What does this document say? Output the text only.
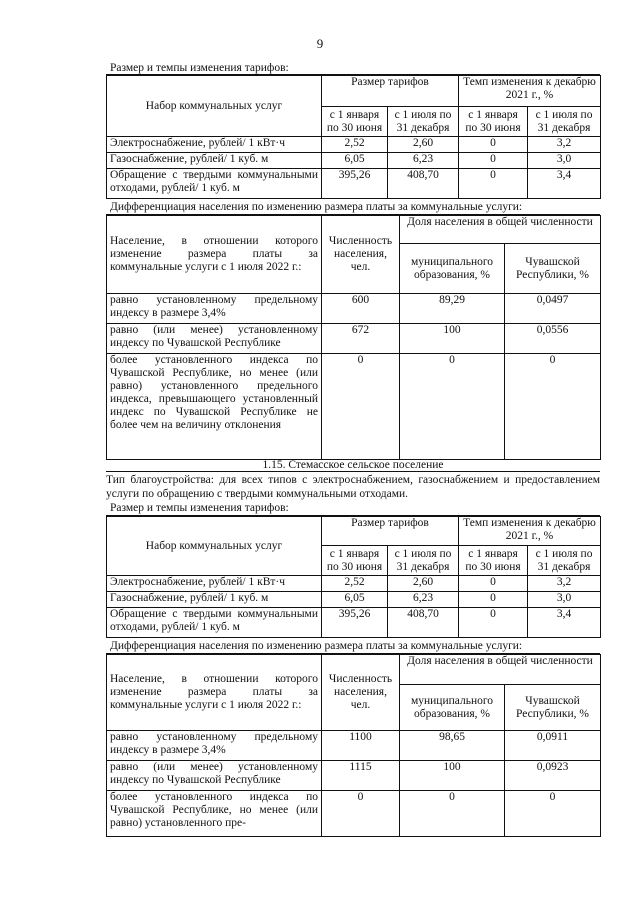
9
Размер и темпы изменения тарифов:
Набор коммунальных услуг	Размер тарифов		Темп изменения к декабрю 2021 г., %	
	с 1 января по 30 июня	с 1 июля по 31 декабря	с 1 января по 30 июня	с 1 июля по 31 декабря
Электроснабжение, рублей/ 1 кВт·ч	2,52	2,60	0	3,2
Газоснабжение, рублей/ 1 куб. м	6,05	6,23	0	3,0
Обращение с твердыми коммунальными отходами, рублей/ 1 куб. м	395,26	408,70	0	3,4
Дифференциация населения по изменению размера платы за коммунальные услуги:
Население, в отношении которого изменение размера платы за коммунальные услуги с 1 июля 2022 г.:	Численность населения, чел.	Доля населения в общей численности	
		муниципального образования, %	Чувашской Республики, %
равно установленному предельному индексу в размере 3,4%	600	89,29	0,0497
равно (или менее) установленному индексу по Чувашской Республике	672	100	0,0556
более установленного индекса по Чувашской Республике, но менее (или равно) установленного предельного индекса, превышающего установленный индекс по Чувашской Республике не более чем на величину отклонения	0	0	0
1.15. Стемасское сельское поселение
Тип благоустройства: для всех типов с электроснабжением, газоснабжением и предоставлением услуги по обращению с твердыми коммунальными отходами.
Размер и темпы изменения тарифов:
Набор коммунальных услуг	Размер тарифов		Темп изменения к декабрю 2021 г., %	
	с 1 января по 30 июня	с 1 июля по 31 декабря	с 1 января по 30 июня	с 1 июля по 31 декабря
Электроснабжение, рублей/ 1 кВт·ч	2,52	2,60	0	3,2
Газоснабжение, рублей/ 1 куб. м	6,05	6,23	0	3,0
Обращение с твердыми коммунальными отходами, рублей/ 1 куб. м	395,26	408,70	0	3,4
Дифференциация населения по изменению размера платы за коммунальные услуги:
Население, в отношении которого изменение размера платы за коммунальные услуги с 1 июля 2022 г.:	Численность населения, чел.	Доля населения в общей численности	
		муниципального образования, %	Чувашской Республики, %
равно установленному предельному индексу в размере 3,4%	1100	98,65	0,0911
равно (или менее) установленному индексу по Чувашской Республике	1115	100	0,0923
более установленного индекса по Чувашской Республике, но менее (или равно) установленного пре-	0	0	0
